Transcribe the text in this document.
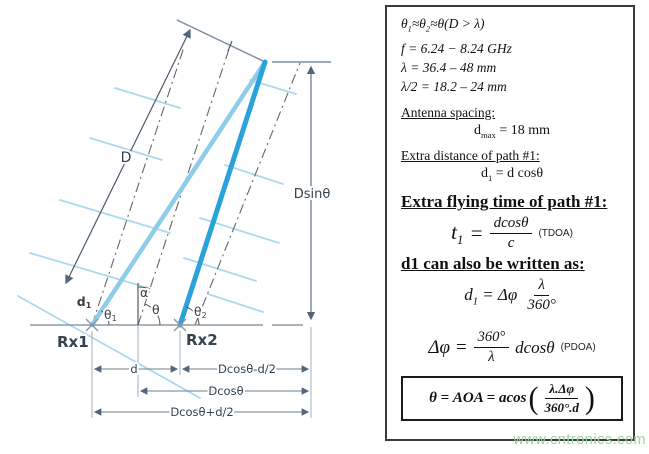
D
Dsinθ
d1
θ1
α
θ	θ2
Rx1	Rx2
d	Dcosθ-d/2
Dcosθ
Dcosθ+d/2
$\theta_1\approx\theta_2\approx\theta(D > \lambda)$
f = 6.24 − 8.24 GHz
λ = 36.4 – 48 mm
λ/2 = 18.2 – 24 mm
Antenna spacing:
$d_{max} = 18$ mm
Extra distance of path #1:
$d_1 = d$ cosθ
Extra flying time of path #1:
$t_1 = \frac{dcos\theta}{c}$ (TDOA)
d1 can also be written as:
$d_1 = \Delta\varphi \frac{\lambda}{360^\circ}$
$\Delta\varphi = \frac{360^\circ}{\lambda}$ dcosθ (PDOA)
θ = AOA = acos ( $\frac{\lambda.\Delta\varphi}{360^\circ.d}$ )
www.cntronics.com
